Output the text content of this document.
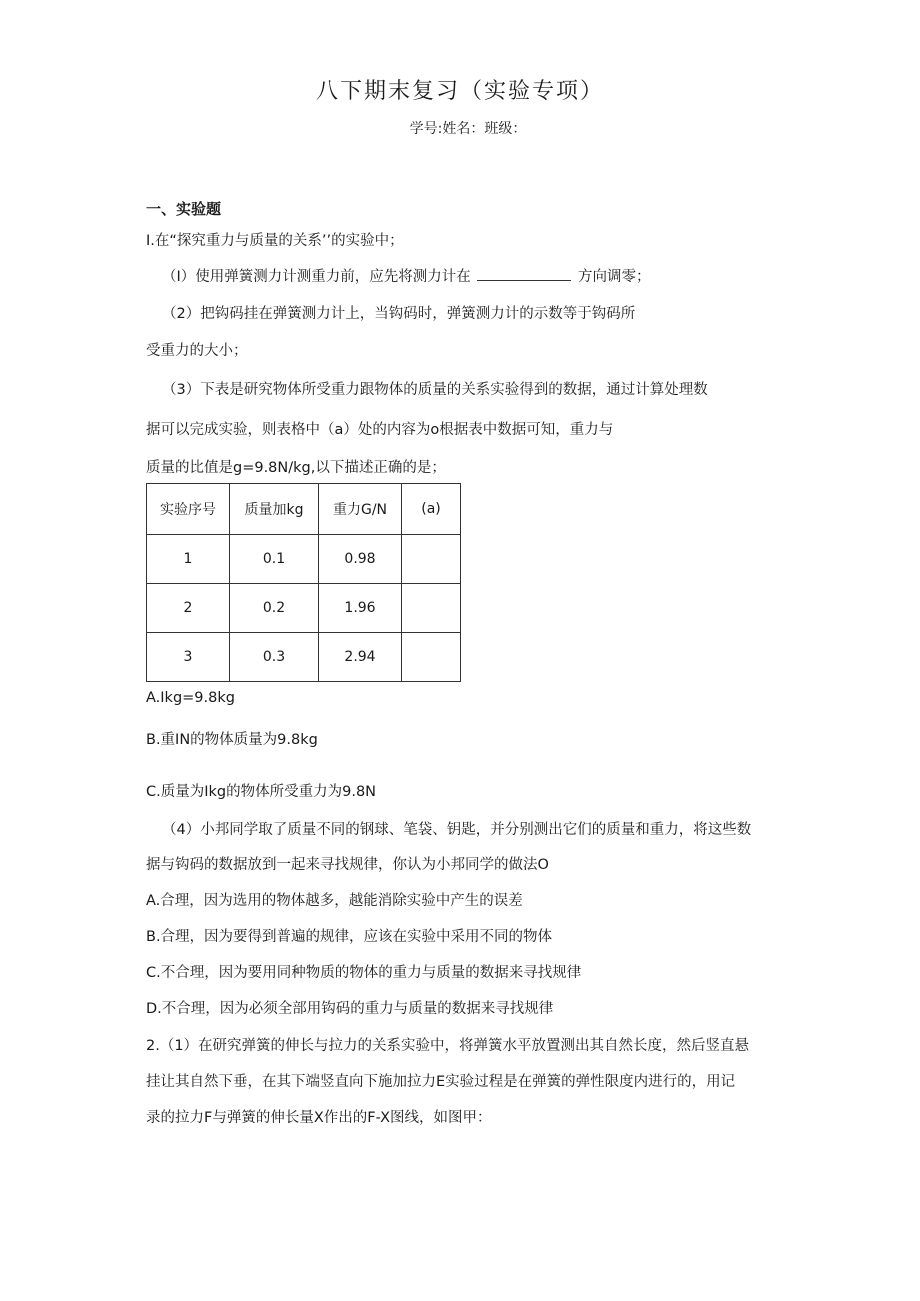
八下期末复习（实验专项）
学号:姓名：班级：
一、实验题
I.在“探究重力与质量的关系’’的实验中；
（I）使用弹簧测力计测重力前，应先将测力计在	方向调零；
（2）把钩码挂在弹簧测力计上，当钩码时，弹簧测力计的示数等于钩码所
受重力的大小；
（3）下表是研究物体所受重力跟物体的质量的关系实验得到的数据，通过计算处理数
据可以完成实验，则表格中（a）处的内容为o根据表中数据可知，重力与
质量的比值是g=9.8N∕kg,以下描述正确的是；
实验序号	质量加kg	重力G/N	(a)
1	0.1	0.98	
2	0.2	1.96	
3	0.3	2.94	
A.Ikg=9.8kg
B.重IN的物体质量为9.8kg
C.质量为Ikg的物体所受重力为9.8N
（4）小邦同学取了质量不同的钢球、笔袋、钥匙，并分别测出它们的质量和重力，将这些数
据与钩码的数据放到一起来寻找规律，你认为小邦同学的做法O
A.合理，因为选用的物体越多，越能消除实验中产生的误差
B.合理，因为要得到普遍的规律，应该在实验中采用不同的物体
C.不合理，因为要用同种物质的物体的重力与质量的数据来寻找规律
D.不合理，因为必须全部用钩码的重力与质量的数据来寻找规律
2.（1）在研究弹簧的伸长与拉力的关系实验中，将弹簧水平放置测出其自然长度，然后竖直悬
挂让其自然下垂，在其下端竖直向下施加拉力E实验过程是在弹簧的弹性限度内进行的，用记
录的拉力F与弹簧的伸长量X作出的F-X图线，如图甲：
